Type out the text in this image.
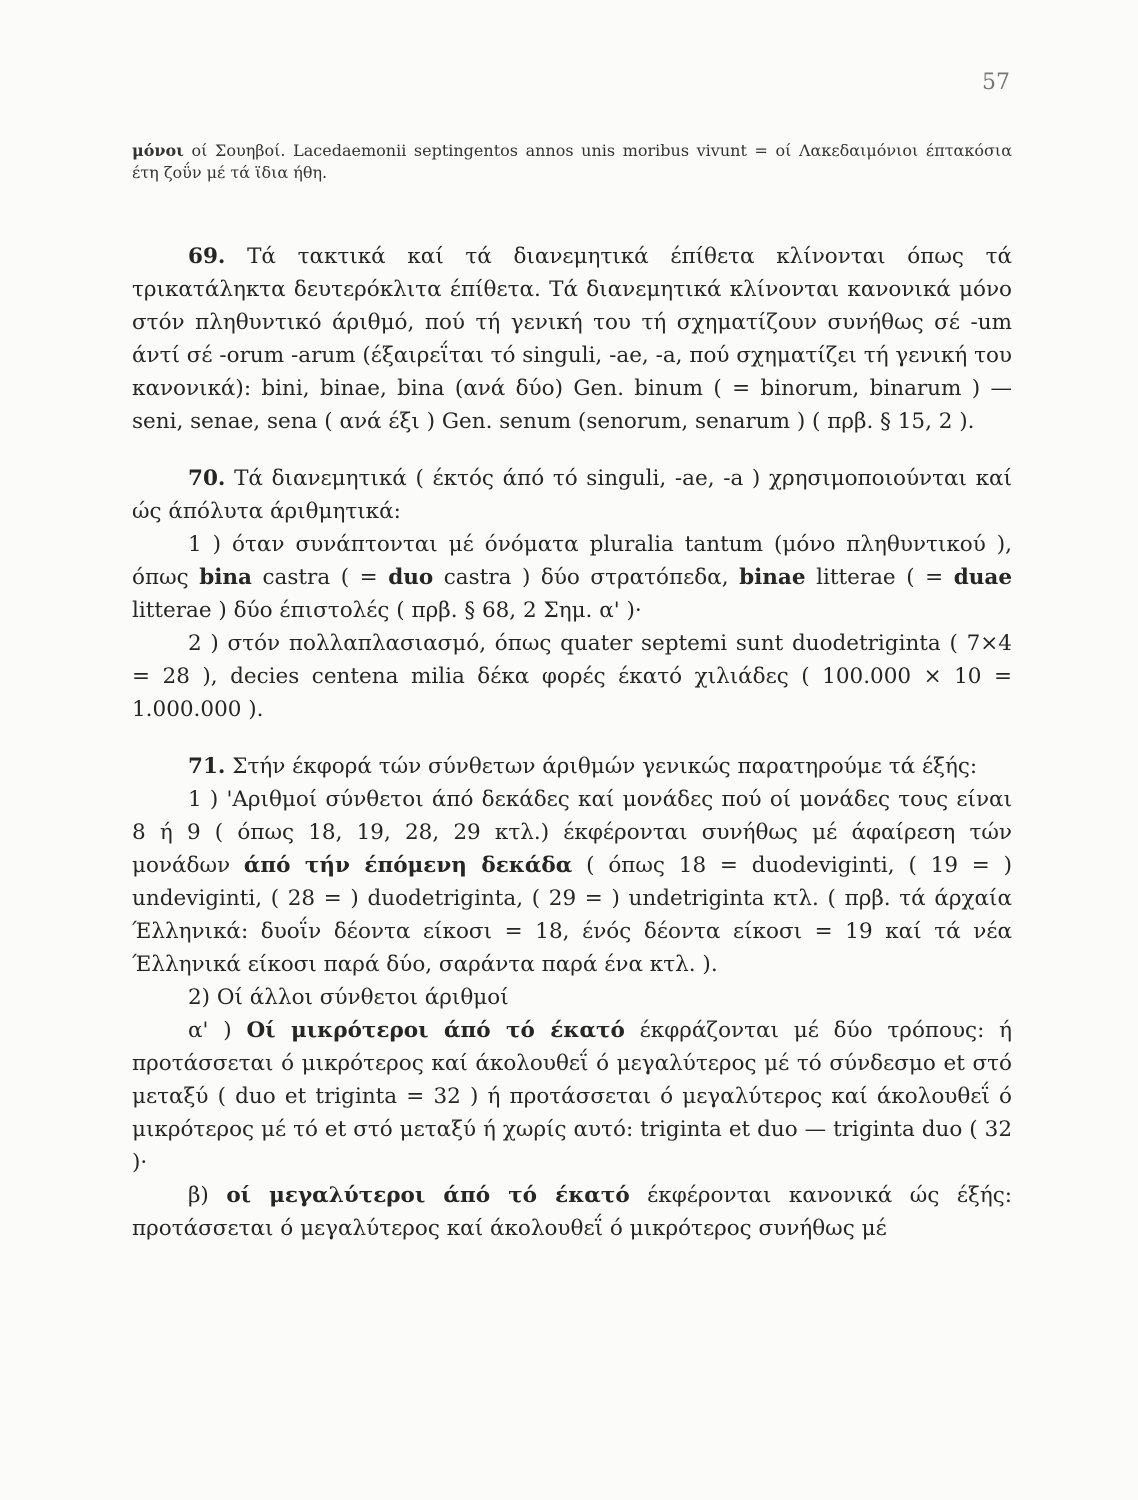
57
μόνοι οί Σουηβοί. Lacedaemonii septingentos annos unis moribus vivunt = οί Λακεδαιμόνιοι έπτακόσια έτη ζοΰν μέ τά ϊδια ήθη.

69. Τά τακτικά καί τά διανεμητικά έπίθετα κλίνονται όπως τά τρικατάληκτα δευτερόκλιτα έπίθετα. Τά διανεμητικά κλίνονται κανονικά μόνο στόν πληθυντικό άριθμό, πού τή γενική του τή σχηματίζουν συνήθως σέ -um άντί σέ -orum -arum (έξαιρεΐται τό singuli, -ae, -a, πού σχηματίζει τή γενική του κανονικά): bini, binae, bina (ανά δύο) Gen. binum ( = binorum, binarum ) — seni, senae, sena ( ανά έξι ) Gen. senum (senorum, senarum ) ( πρβ. § 15, 2 ).

70. Τά διανεμητικά ( έκτός άπό τό singuli, -ae, -a ) χρησιμοποιούνται καί ώς άπόλυτα άριθμητικά:

1 ) όταν συνάπτονται μέ όνόματα pluralia tantum (μόνο πληθυντικού ), όπως bina castra ( = duo castra ) δύο στρατόπεδα, binae litterae ( = duae litterae ) δύο έπιστολές ( πρβ. § 68, 2 Σημ. α' )·

2 ) στόν πολλαπλασιασμό, όπως quater septemi sunt duodetriginta ( 7×4 = 28 ), decies centena milia δέκα φορές έκατό χιλιάδες ( 100.000 × 10 = 1.000.000 ).

71. Στήν έκφορά τών σύνθετων άριθμών γενικώς παρατηρούμε τά έξής:

1 ) 'Αριθμοί σύνθετοι άπό δεκάδες καί μονάδες πού οί μονάδες τους είναι 8 ή 9 ( όπως 18, 19, 28, 29 κτλ.) έκφέρονται συνήθως μέ άφαίρεση τών μονάδων άπό τήν έπόμενη δεκάδα ( όπως 18 = duodeviginti, ( 19 = ) undeviginti, ( 28 = ) duodetriginta, ( 29 = ) undetriginta κτλ. ( πρβ. τά άρχαία Έλληνικά: δυοΐν δέοντα είκοσι = 18, ένός δέοντα είκοσι = 19 καί τά νέα Έλληνικά είκοσι παρά δύο, σαράντα παρά ένα κτλ. ).

2) Οί άλλοι σύνθετοι άριθμοί

α' ) Οί μικρότεροι άπό τό έκατό έκφράζονται μέ δύο τρόπους: ή προτάσσεται ό μικρότερος καί άκολουθεΐ ό μεγαλύτερος μέ τό σύνδεσμο et στό μεταξύ ( duo et triginta = 32 ) ή προτάσσεται ό μεγαλύτερος καί άκολουθεΐ ό μικρότερος μέ τό et στό μεταξύ ή χωρίς αυτό: triginta et duo — triginta duo ( 32 )·

β) οί μεγαλύτεροι άπό τό έκατό έκφέρονται κανονικά ώς έξής: προτάσσεται ό μεγαλύτερος καί άκολουθεΐ ό μικρότερος συνήθως μέ
